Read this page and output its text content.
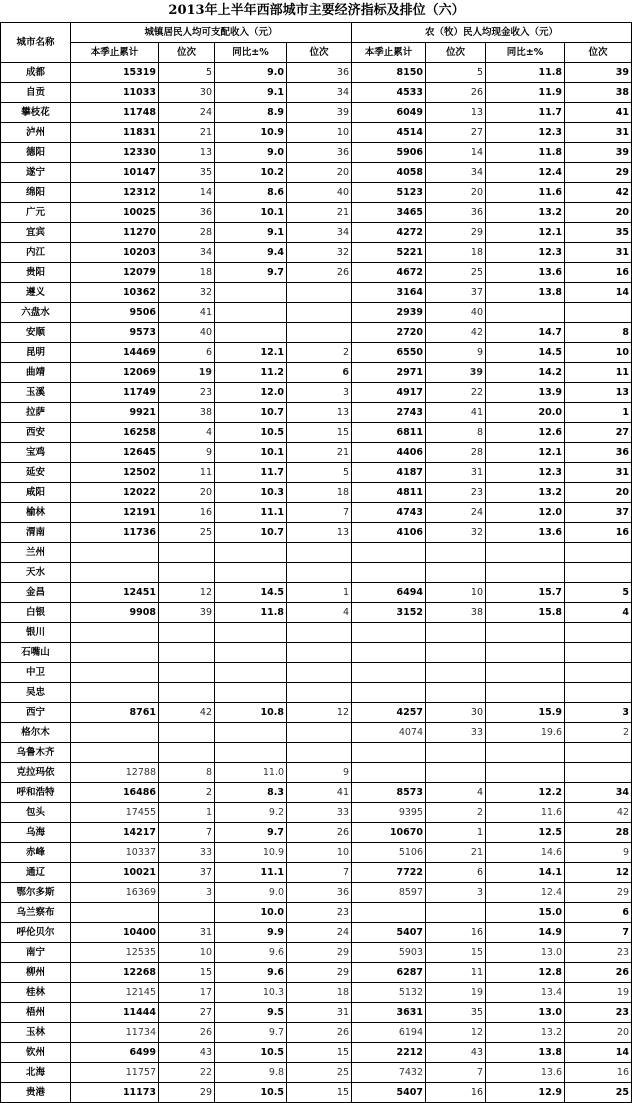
2013年上半年西部城市主要经济指标及排位（六）
城市名称	城镇居民人均可支配收入（元）				农（牧）民人均现金收入（元）			
	本季止累计	位次	同比±%	位次	本季止累计	位次	同比±%	位次
成都	15319	5	9.0	36	8150	5	11.8	39
自贡	11033	30	9.1	34	4533	26	11.9	38
攀枝花	11748	24	8.9	39	6049	13	11.7	41
泸州	11831	21	10.9	10	4514	27	12.3	31
德阳	12330	13	9.0	36	5906	14	11.8	39
遂宁	10147	35	10.2	20	4058	34	12.4	29
绵阳	12312	14	8.6	40	5123	20	11.6	42
广元	10025	36	10.1	21	3465	36	13.2	20
宜宾	11270	28	9.1	34	4272	29	12.1	35
内江	10203	34	9.4	32	5221	18	12.3	31
贵阳	12079	18	9.7	26	4672	25	13.6	16
遵义	10362	32			3164	37	13.8	14
六盘水	9506	41			2939	40		
安顺	9573	40			2720	42	14.7	8
昆明	14469	6	12.1	2	6550	9	14.5	10
曲靖	12069	19	11.2	6	2971	39	14.2	11
玉溪	11749	23	12.0	3	4917	22	13.9	13
拉萨	9921	38	10.7	13	2743	41	20.0	1
西安	16258	4	10.5	15	6811	8	12.6	27
宝鸡	12645	9	10.1	21	4406	28	12.1	36
延安	12502	11	11.7	5	4187	31	12.3	31
咸阳	12022	20	10.3	18	4811	23	13.2	20
榆林	12191	16	11.1	7	4743	24	12.0	37
渭南	11736	25	10.7	13	4106	32	13.6	16
兰州								
天水								
金昌	12451	12	14.5	1	6494	10	15.7	5
白银	9908	39	11.8	4	3152	38	15.8	4
银川								
石嘴山								
中卫								
吴忠								
西宁	8761	42	10.8	12	4257	30	15.9	3
格尔木					4074	33	19.6	2
乌鲁木齐								
克拉玛依	12788	8	11.0	9				
呼和浩特	16486	2	8.3	41	8573	4	12.2	34
包头	17455	1	9.2	33	9395	2	11.6	42
乌海	14217	7	9.7	26	10670	1	12.5	28
赤峰	10337	33	10.9	10	5106	21	14.6	9
通辽	10021	37	11.1	7	7722	6	14.1	12
鄂尔多斯	16369	3	9.0	36	8597	3	12.4	29
乌兰察布			10.0	23			15.0	6
呼伦贝尔	10400	31	9.9	24	5407	16	14.9	7
南宁	12535	10	9.6	29	5903	15	13.0	23
柳州	12268	15	9.6	29	6287	11	12.8	26
桂林	12145	17	10.3	18	5132	19	13.4	19
梧州	11444	27	9.5	31	3631	35	13.0	23
玉林	11734	26	9.7	26	6194	12	13.2	20
钦州	6499	43	10.5	15	2212	43	13.8	14
北海	11757	22	9.8	25	7432	7	13.6	16
贵港	11173	29	10.5	15	5407	16	12.9	25
